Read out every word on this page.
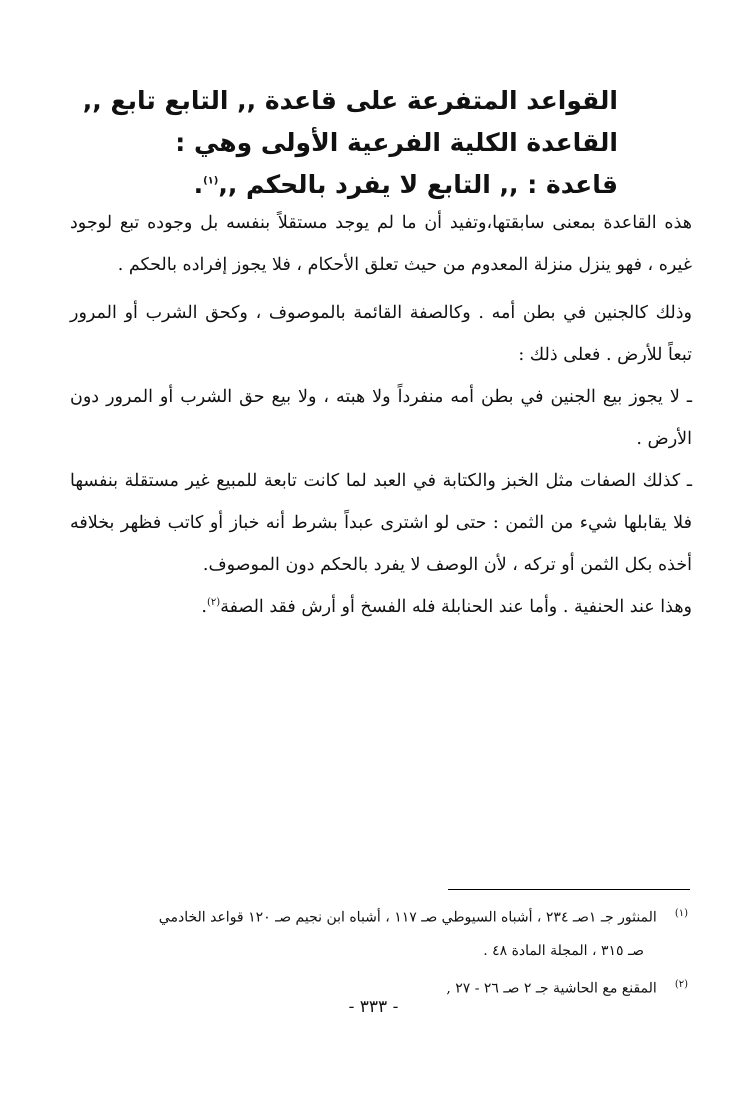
القواعد المتفرعة على قاعدة ,, التابع تابع ,,
القاعدة الكلية الفرعية الأولى وهي :
قاعدة : ,, التابع لا يفرد بالحكم ,,$^{(١)}$.

هذه القاعدة بمعنى سابقتها،وتفيد أن ما لم يوجد مستقلاً بنفسه بل وجوده تبع لوجود غيره ، فهو ينزل منزلة المعدوم من حيث تعلق الأحكام ، فلا يجوز إفراده بالحكم .

وذلك كالجنين في بطن أمه . وكالصفة القائمة بالموصوف ، وكحق الشرب أو المرور تبعاً للأرض . فعلى ذلك :

ـ لا يجوز بيع الجنين في بطن أمه منفرداً ولا هبته ، ولا بيع حق الشرب أو المرور دون الأرض .

ـ كذلك الصفات مثل الخبز والكتابة في العبد لما كانت تابعة للمبيع غير مستقلة بنفسها فلا يقابلها شيء من الثمن : حتى لو اشترى عبداً بشرط أنه خباز أو كاتب فظهر بخلافه أخذه بكل الثمن أو تركه ، لأن الوصف لا يفرد بالحكم دون الموصوف.

وهذا عند الحنفية . وأما عند الحنابلة فله الفسخ أو أرش فقد الصفة$^{(٢)}$.

(١)المنثور جـ ١صـ ٢٣٤ ، أشباه السيوطي صـ ١١٧ ، أشباه ابن نجيم صـ ١٢٠ قواعد الخادمي

صـ ٣١٥ ، المجلة المادة ٤٨ .

(٢)المقنع مع الحاشية جـ ٢ صـ ٢٦ - ٢٧ ,

- ٣٣٣ -
